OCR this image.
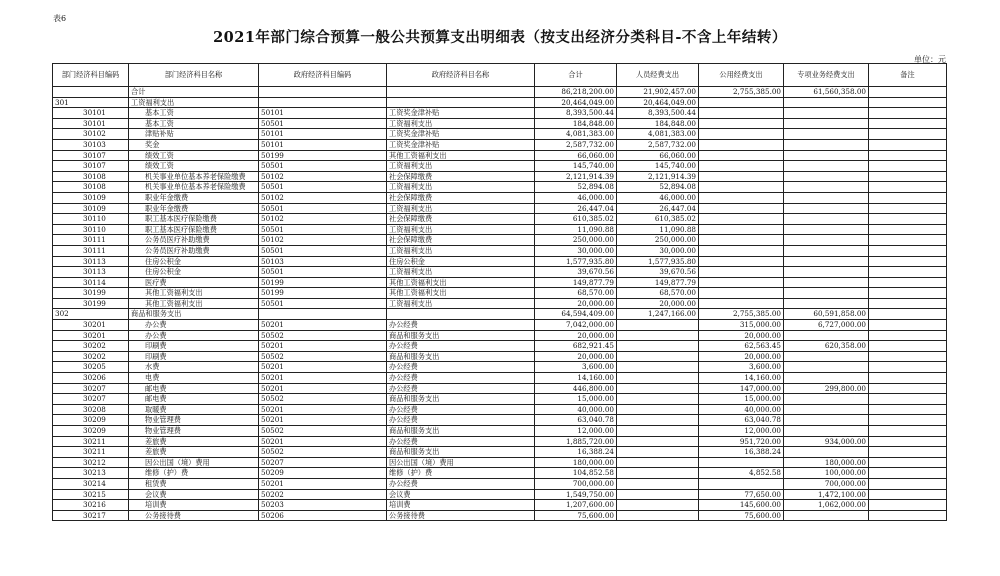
表6
2021年部门综合预算一般公共预算支出明细表（按支出经济分类科目-不含上年结转）
单位：元
部门经济科目编码	部门经济科目名称	政府经济科目编码	政府经济科目名称	合计	人员经费支出	公用经费支出	专项业务经费支出	备注
	合计			86,218,200.00	21,902,457.00	2,755,385.00	61,560,358.00	
301	工资福利支出			20,464,049.00	20,464,049.00			
30101	基本工资	50101	工资奖金津补贴	8,393,500.44	8,393,500.44			
30101	基本工资	50501	工资福利支出	184,848.00	184,848.00			
30102	津贴补贴	50101	工资奖金津补贴	4,081,383.00	4,081,383.00			
30103	奖金	50101	工资奖金津补贴	2,587,732.00	2,587,732.00			
30107	绩效工资	50199	其他工资福利支出	66,060.00	66,060.00			
30107	绩效工资	50501	工资福利支出	145,740.00	145,740.00			
30108	机关事业单位基本养老保险缴费	50102	社会保障缴费	2,121,914.39	2,121,914.39			
30108	机关事业单位基本养老保险缴费	50501	工资福利支出	52,894.08	52,894.08			
30109	职业年金缴费	50102	社会保障缴费	46,000.00	46,000.00			
30109	职业年金缴费	50501	工资福利支出	26,447.04	26,447.04			
30110	职工基本医疗保险缴费	50102	社会保障缴费	610,385.02	610,385.02			
30110	职工基本医疗保险缴费	50501	工资福利支出	11,090.88	11,090.88			
30111	公务员医疗补助缴费	50102	社会保障缴费	250,000.00	250,000.00			
30111	公务员医疗补助缴费	50501	工资福利支出	30,000.00	30,000.00			
30113	住房公积金	50103	住房公积金	1,577,935.80	1,577,935.80			
30113	住房公积金	50501	工资福利支出	39,670.56	39,670.56			
30114	医疗费	50199	其他工资福利支出	149,877.79	149,877.79			
30199	其他工资福利支出	50199	其他工资福利支出	68,570.00	68,570.00			
30199	其他工资福利支出	50501	工资福利支出	20,000.00	20,000.00			
302	商品和服务支出			64,594,409.00	1,247,166.00	2,755,385.00	60,591,858.00	
30201	办公费	50201	办公经费	7,042,000.00		315,000.00	6,727,000.00	
30201	办公费	50502	商品和服务支出	20,000.00		20,000.00		
30202	印刷费	50201	办公经费	682,921.45		62,563.45	620,358.00	
30202	印刷费	50502	商品和服务支出	20,000.00		20,000.00		
30205	水费	50201	办公经费	3,600.00		3,600.00		
30206	电费	50201	办公经费	14,160.00		14,160.00		
30207	邮电费	50201	办公经费	446,800.00		147,000.00	299,800.00	
30207	邮电费	50502	商品和服务支出	15,000.00		15,000.00		
30208	取暖费	50201	办公经费	40,000.00		40,000.00		
30209	物业管理费	50201	办公经费	63,040.78		63,040.78		
30209	物业管理费	50502	商品和服务支出	12,000.00		12,000.00		
30211	差旅费	50201	办公经费	1,885,720.00		951,720.00	934,000.00	
30211	差旅费	50502	商品和服务支出	16,388.24		16,388.24		
30212	因公出国（境）费用	50207	因公出国（境）费用	180,000.00			180,000.00	
30213	维修（护）费	50209	维修（护）费	104,852.58		4,852.58	100,000.00	
30214	租赁费	50201	办公经费	700,000.00			700,000.00	
30215	会议费	50202	会议费	1,549,750.00		77,650.00	1,472,100.00	
30216	培训费	50203	培训费	1,207,600.00		145,600.00	1,062,000.00	
30217	公务接待费	50206	公务接待费	75,600.00		75,600.00		
